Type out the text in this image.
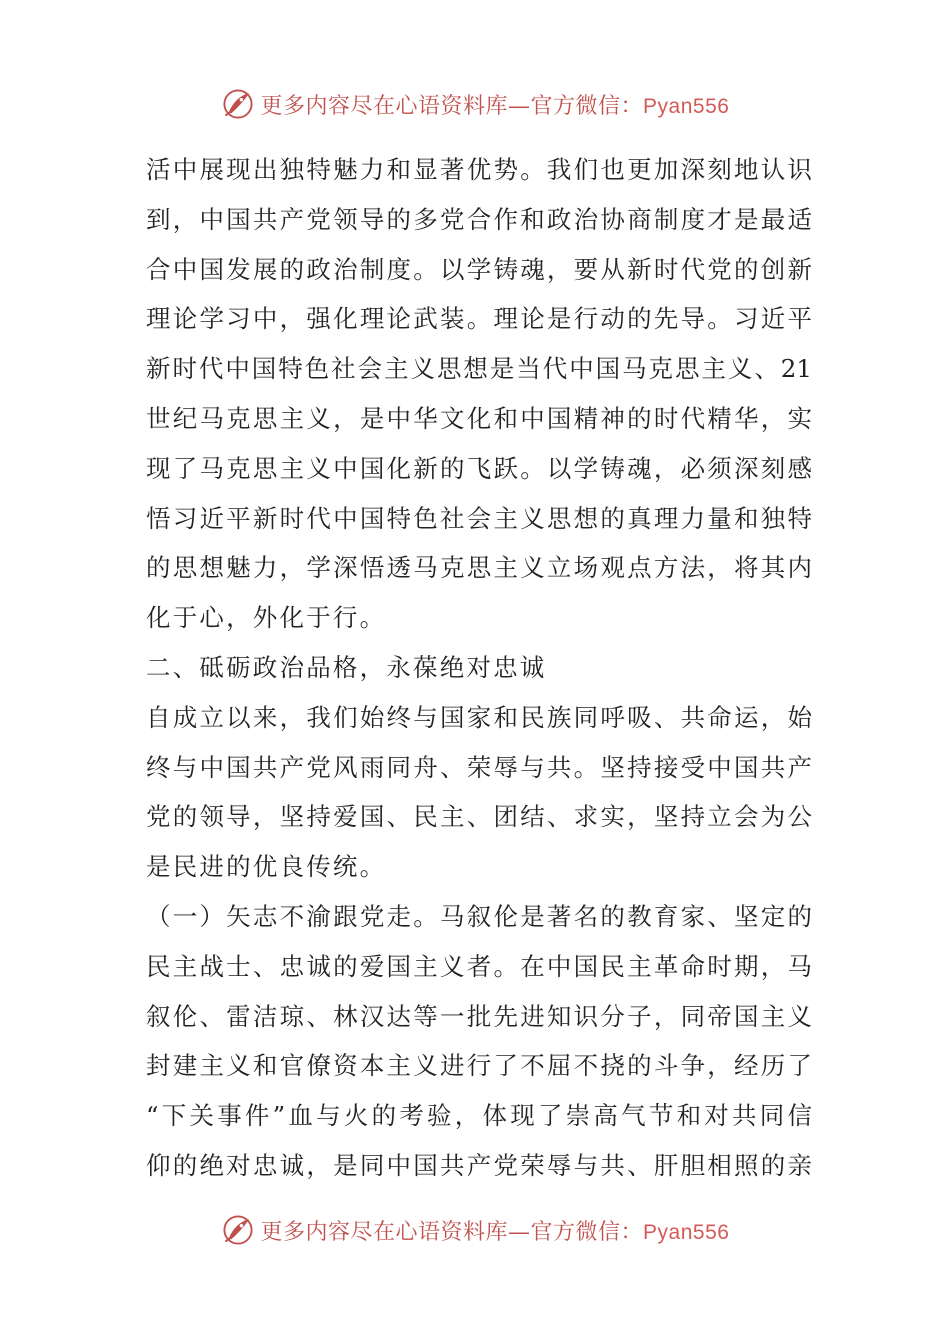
更多内容尽在心语资料库—官方微信：Pyan556
活中展现出独特魅力和显著优势。我们也更加深刻地认识
到，中国共产党领导的多党合作和政治协商制度才是最适
合中国发展的政治制度。以学铸魂，要从新时代党的创新
理论学习中，强化理论武装。理论是行动的先导。习近平
新时代中国特色社会主义思想是当代中国马克思主义、21
世纪马克思主义，是中华文化和中国精神的时代精华，实
现了马克思主义中国化新的飞跃。以学铸魂，必须深刻感
悟习近平新时代中国特色社会主义思想的真理力量和独特
的思想魅力，学深悟透马克思主义立场观点方法，将其内
化于心，外化于行。
二、砥砺政治品格，永葆绝对忠诚
自成立以来，我们始终与国家和民族同呼吸、共命运，始
终与中国共产党风雨同舟、荣辱与共。坚持接受中国共产
党的领导，坚持爱国、民主、团结、求实，坚持立会为公
是民进的优良传统。
（一）矢志不渝跟党走。马叙伦是著名的教育家、坚定的
民主战士、忠诚的爱国主义者。在中国民主革命时期，马
叙伦、雷洁琼、林汉达等一批先进知识分子，同帝国主义
封建主义和官僚资本主义进行了不屈不挠的斗争，经历了
“下关事件”血与火的考验，体现了崇高气节和对共同信
仰的绝对忠诚，是同中国共产党荣辱与共、肝胆相照的亲
更多内容尽在心语资料库—官方微信：Pyan556
